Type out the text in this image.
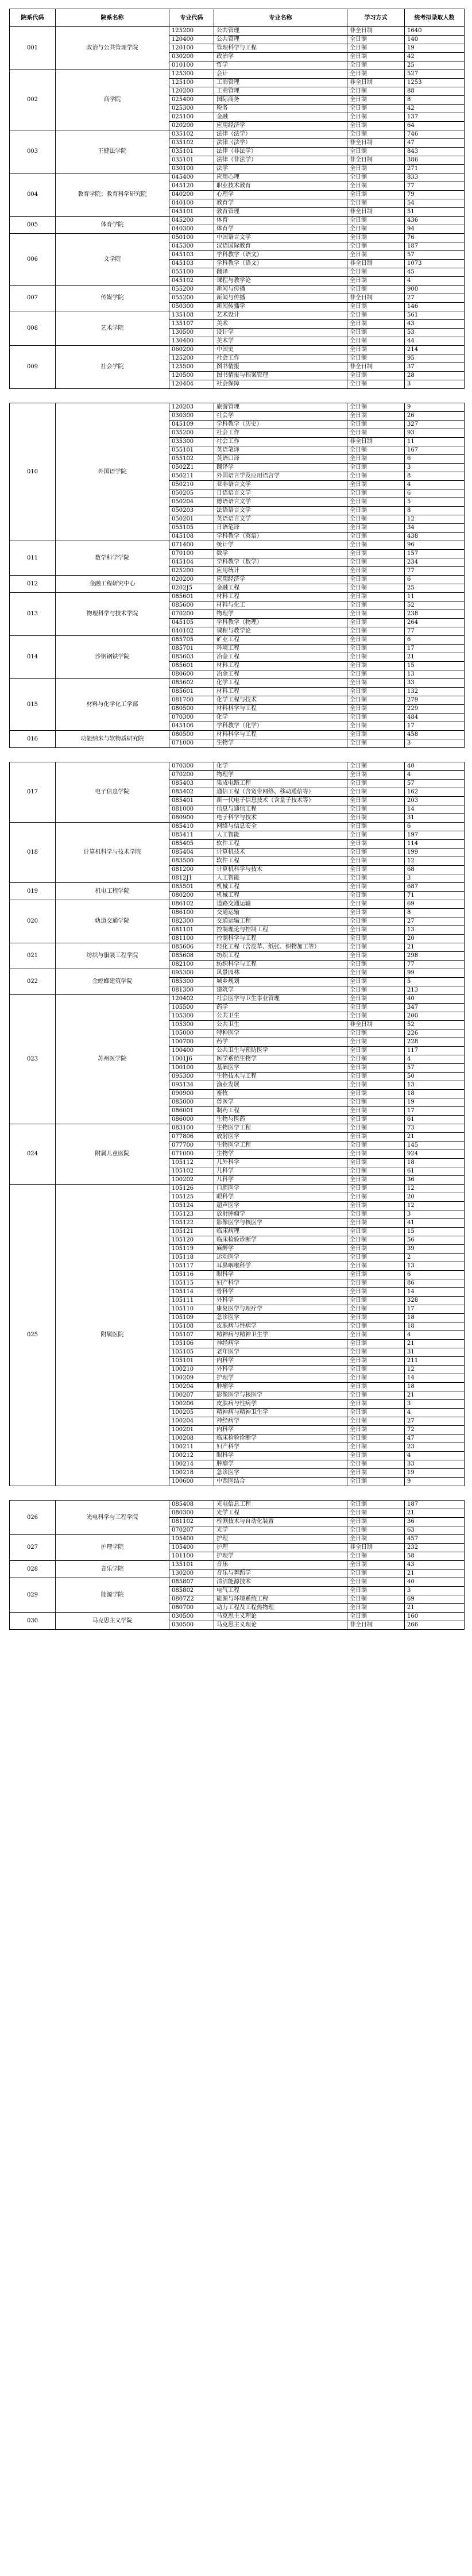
院系代码	院系名称	专业代码	专业名称	学习方式	统考拟录取人数
001	政治与公共管理学院	125200	公共管理	非全日制	1640
		120400	公共管理	全日制	140
		120100	管理科学与工程	全日制	19
		030200	政治学	全日制	42
		010100	哲学	全日制	25
002	商学院	125300	会计	全日制	527
		125100	工商管理	非全日制	1253
		120200	工商管理	全日制	88
		025400	国际商务	全日制	8
		025300	税务	全日制	42
		025100	金融	全日制	137
		020200	应用经济学	全日制	64
003	王健法学院	035102	法律（法学）	全日制	746
		035102	法律（法学）	非全日制	47
		035101	法律（非法学）	全日制	843
		035101	法律（非法学）	非全日制	386
		030100	法学	全日制	271
004	教育学院；教育科学研究院	045400	应用心理	全日制	833
		045120	职业技术教育	全日制	77
		040200	心理学	全日制	79
		040100	教育学	全日制	54
		045101	教育管理	非全日制	51
005	体育学院	045200	体育	全日制	436
		040300	体育学	全日制	94
006	文学院	050100	中国语言文学	全日制	76
		045300	汉语国际教育	全日制	187
		045103	学科教学（语文）	全日制	57
		045103	学科教学（语文）	非全日制	1073
		055100	翻译	全日制	45
		045102	课程与教学论	全日制	4
007	传媒学院	055200	新闻与传播	全日制	900
		055200	新闻与传播	非全日制	27
		050300	新闻传播学	全日制	146
008	艺术学院	135108	艺术设计	全日制	561
		135107	美术	全日制	43
		130500	设计学	全日制	53
		130400	美术学	全日制	44
009	社会学院	060200	中国史	全日制	214
		125200	社会工作	全日制	95
		125500	图书情报	非全日制	37
		120500	图书情报与档案管理	全日制	28
		120404	社会保障	全日制	3

010	外国语学院	120203	旅游管理	全日制	9
		030300	社会学	全日制	26
		045109	学科教学（历史）	全日制	327
		035200	社会工作	全日制	93
		035300	社会工作	非全日制	11
		055101	英语笔译	全日制	167
		055102	英语口译	全日制	6
		0502Z1	翻译学	全日制	3
		050211	外国语言学及应用语言学	全日制	8
		050210	亚非语言文学	全日制	4
		050205	日语语言文学	全日制	6
		050204	德语语言文学	全日制	5
		050203	法语语言文学	全日制	8
		050201	英语语言文学	全日制	12
		055105	日语笔译	全日制	34
		045108	学科教学（英语）	全日制	438
011	数学科学学院	071400	统计学	全日制	96
		070100	数学	全日制	157
		045104	学科教学（数学）	全日制	234
		025200	应用统计	全日制	77
012	金融工程研究中心	020200	应用经济学	全日制	6
		0202J5	金融工程	全日制	25
013	物理科学与技术学院	085601	材料工程	全日制	11
		085600	材料与化工	全日制	52
		070200	物理学	全日制	238
		045105	学科教学（物理）	全日制	264
		040102	课程与教学论	全日制	77
014	沙钢钢铁学院	085705	矿业工程	全日制	6
		085701	环境工程	全日制	17
		085603	冶金工程	全日制	21
		085601	材料工程	全日制	15
		080600	冶金工程	全日制	13
015	材料与化学化工学部	085602	化学工程	全日制	33
		085601	材料工程	全日制	132
		081700	化学工程与技术	全日制	279
		080500	材料科学与工程	全日制	229
		070300	化学	全日制	484
		045106	学科教学（化学）	全日制	17
016	功能纳米与软物质研究院	080500	材料科学与工程	全日制	458
		071000	生物学	全日制	3

017	电子信息学院	070300	化学	全日制	40
		070200	物理学	全日制	4
		085403	集成电路工程	全日制	57
		085402	通信工程（含宽带网络、移动通信等）	全日制	162
		085401	新一代电子信息技术（含量子技术等）	全日制	203
		081000	信息与通信工程	全日制	14
		080900	电子科学与技术	全日制	31
018	计算机科学与技术学院	085410	网络与信息安全	全日制	6
		085411	人工智能	全日制	197
		085405	软件工程	全日制	114
		085404	计算机技术	全日制	199
		083500	软件工程	全日制	12
		081200	计算机科学与技术	全日制	68
		0812J1	人工智能	全日制	3
019	机电工程学院	085501	机械工程	全日制	687
		080200	机械工程	全日制	71
020	轨道交通学院	086102	道路交通运输	全日制	69
		086100	交通运输	全日制	8
		082300	交通运输工程	全日制	27
		081101	控制理论与控制工程	全日制	13
		081100	控制科学与工程	全日制	20
021	纺织与服装工程学院	085606	轻化工程（含皮革、纸张、织物加工等）	全日制	21
		085608	纺织工程	全日制	298
		082100	纺织科学与工程	全日制	77
022	金螳螂建筑学院	095300	风景园林	全日制	99
		085300	城乡规划	全日制	5
		081300	建筑学	全日制	213
023	苏州医学院	120402	社会医学与卫生事业管理	全日制	40
		105500	药学	全日制	347
		105300	公共卫生	全日制	200
		105300	公共卫生	非全日制	52
		105000	特种医学	全日制	226
		100700	药学	全日制	228
		100400	公共卫生与预防医学	全日制	117
		1001J6	医学系统生物学	全日制	4
		100100	基础医学	全日制	57
		095300	生物技术与工程	全日制	50
		095134	渔业发展	全日制	13
		090900	畜牧	全日制	18
		085000	兽医学	全日制	19
		086001	制药工程	全日制	17
		086000	生物与医药	全日制	61
024	附属儿童医院	083100	生物医学工程	全日制	73
		077806	放射医学	全日制	21
		077700	生物医学工程	全日制	145
		071000	生物学	全日制	924
		105112	儿外科学	全日制	18
		105102	儿科学	全日制	61
		100202	儿科学	全日制	36
025	附属医院	105126	口腔医学	全日制	12
		105125	眼科学	全日制	20
		105124	超声医学	全日制	12
		105123	放射肿瘤学	全日制	3
		105122	影像医学与核医学	全日制	41
		105121	临床病理	全日制	15
		105120	临床检验诊断学	全日制	56
		105119	麻醉学	全日制	39
		105118	运动医学	全日制	2
		105117	耳鼻咽喉科学	全日制	13
		105116	眼科学	全日制	6
		105115	妇产科学	全日制	86
		105114	骨科学	全日制	14
		105111	外科学	全日制	328
		105110	康复医学与理疗学	全日制	17
		105109	急诊医学	全日制	18
		105108	皮肤病与性病学	全日制	18
		105107	精神病与精神卫生学	全日制	4
		105106	神经病学	全日制	21
		105105	老年医学	全日制	31
		105101	内科学	全日制	211
		100210	外科学	全日制	12
		100209	护理学	全日制	14
		100204	肿瘤学	全日制	18
		100207	影像医学与核医学	全日制	21
		100206	皮肤病与性病学	全日制	3
		100205	精神病与精神卫生学	全日制	4
		100204	神经病学	全日制	27
		100201	内科学	全日制	72
		100208	临床检验诊断学	全日制	47
		100211	妇产科学	全日制	23
		100212	眼科学	全日制	4
		100214	肿瘤学	全日制	33
		100218	急诊医学	全日制	19
		100600	中西医结合	全日制	9

026	光电科学与工程学院	085408	光电信息工程	全日制	187
		080300	光学工程	全日制	21
		081102	检测技术与自动化装置	全日制	36
		070207	光学	全日制	63
027	护理学院	105400	护理	全日制	457
		105400	护理	非全日制	232
		101100	护理学	全日制	58
028	音乐学院	135101	音乐	全日制	43
		130200	音乐与舞蹈学	全日制	21
029	能源学院	085807	清洁能源技术	全日制	40
		085802	电气工程	全日制	3
		0807Z2	能源与环境系统工程	全日制	69
		080700	动力工程及工程热物理	全日制	21
030	马克思主义学院	030500	马克思主义理论	全日制	160
		030500	马克思主义理论	非全日制	266
